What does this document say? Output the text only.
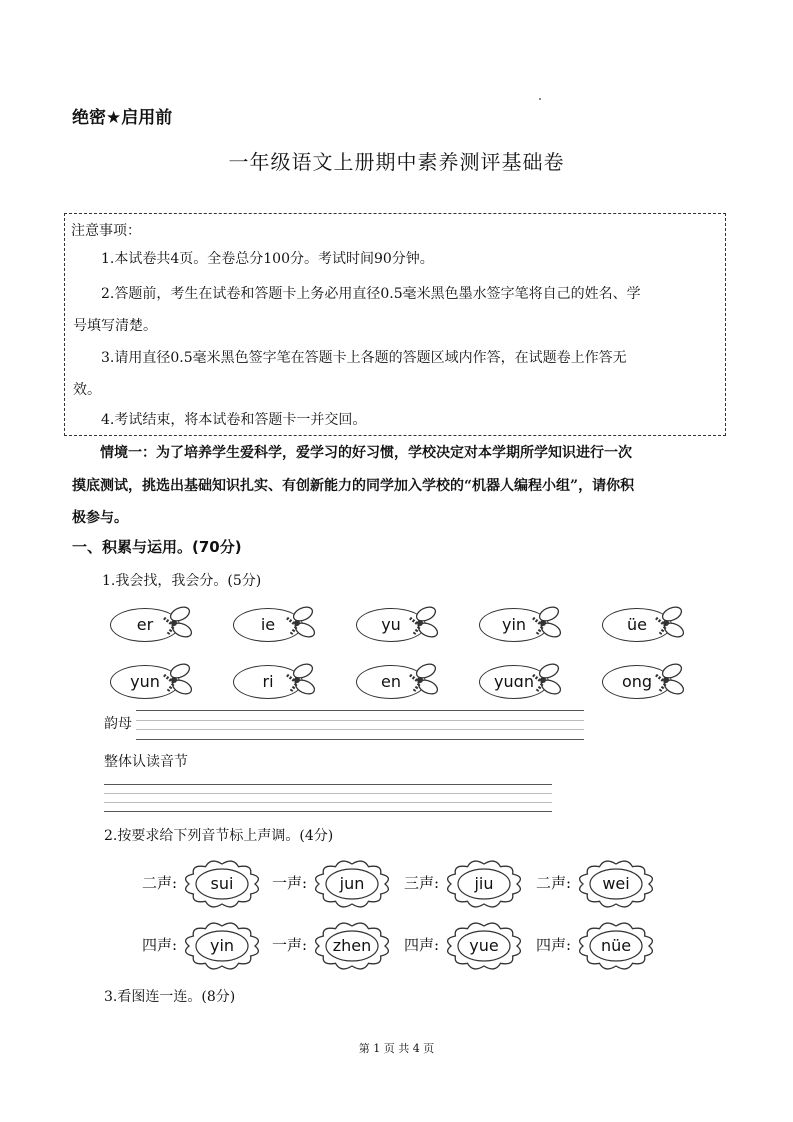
绝密★启用前
一年级语文上册期中素养测评基础卷
注意事项：
1.本试卷共4页。全卷总分100分。考试时间90分钟。
2.答题前，考生在试卷和答题卡上务必用直径0.5毫米黑色墨水签字笔将自己的姓名、学
号填写清楚。
3.请用直径0.5毫米黑色签字笔在答题卡上各题的答题区域内作答，在试题卷上作答无
效。
4.考试结束，将本试卷和答题卡一并交回。
情境一：为了培养学生爱科学，爱学习的好习惯，学校决定对本学期所学知识进行一次
摸底测试，挑选出基础知识扎实、有创新能力的同学加入学校的“机器人编程小组”，请你积
极参与。
一、积累与运用。(70分)
1.我会找，我会分。(5分)
er	ie	yu	yin	üe
yun	ri	en	yuɑn	ong
韵母
整体认读音节
2.按要求给下列音节标上声调。(4分)
二声:	sui	一声:	jun	三声:	jiu	二声:	wei
四声:	yin	一声:	zhen	四声:	yue	四声:	nüe
3.看图连一连。(8分)
第 1 页 共 4 页
